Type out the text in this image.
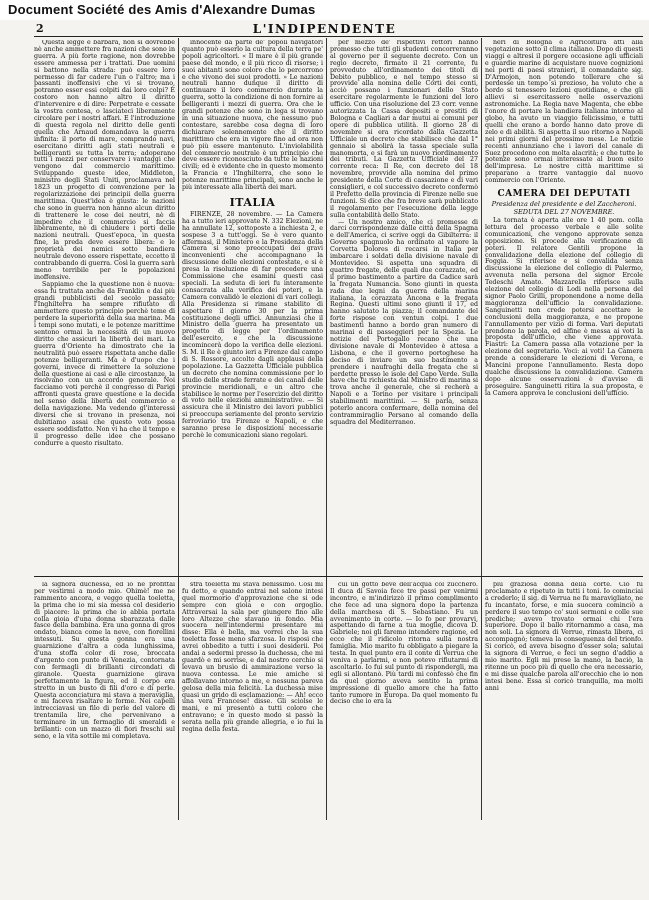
Document Société des Amis d'Alexandre Dumas
2	L'INDIPENDENTE

Questa legge è barbara, non si dovrebbe nè anche ammettere fra nazioni che sono in guerra. A più forte ragione, non dovrebbe essere ammessa per i trattati. Due uomini si battono nella strada: può essere loro permesso di far cadere l'un o l'altro; ma i passanti inoffensivi che vi si trovano, potranno esser essi colpiti dai loro colpi? È costoro non hanno altro il diritto d'intervenire e di dire: Perpetrate e cessate la vostra contesa, o lasciateci liberamente circolare per i nostri affari. E l'introduzione di questa regola nel diritto delle genti quella che Arnaud domandava la guerra infinita: il porto di mare, comprando navi, esercitano diritti agli stati neutrali e belligeranti su tutta la terra; adoperano tutti i mezzi per conservare i vantaggi che vengono dal commercio marittimo. Sviluppando queste idee, Middleton, ministro degli Stati Uniti, proclamava nel 1823 un progetto di convenzione per la regolarizzazione dei principii della guerra marittima. Quest'idea è giusta: le nazioni che sono in guerra non hanno alcun diritto di trattenere le cose dei neutri, nè di impedire che il commercio si faccia liberamente, nè di chiudere i porti delle nazioni neutrali. Quest'epoca, in questa fine, la preda deve essere libera: e le proprietà dei nemici sotto bandiera neutrale devono essere rispettate, eccetto il contrabbando di guerra. Così la guerra sarà meno terribile per le popolazioni inoffensive.

Sappiamo che la questione non è nuova: essa fu trattata anche da Franklin e dai più grandi pubblicisti del secolo passato; l'Inghilterra ha sempre rifiutato di ammettere questo principio perchè teme di perdere la superiorità della sua marina. Ma i tempi sono mutati, e le potenze marittime sentono ormai la necessità di un nuovo diritto che assicuri la libertà dei mari. La guerra d'Oriente ha dimostrato che la neutralità può essere rispettata anche dalle potenze belligeranti. Ma è d'uopo che i governi, invece di rimettere la soluzione della questione ai casi e alle circostanze, la risolvano con un accordo generale. Noi facciamo voti perchè il congresso di Parigi affronti questa grave questione e la decida nel senso della libertà del commercio e della navigazione. Ma vedendo gl'interessi diversi che si trovano in presenza, noi dubitiamo assai che questo voto possa essere soddisfatto. Non vi ha che il tempo e il progresso delle idee che possano condurre a questo risultato.

innocente da parte de' popoli navigatori quanto può esserlo la cultura della terra pe' popoli agricoltori. « Il mare è il più grande paese del mondo, e il più ricco di risorse; i suoi abitanti sono coloro che lo percorrono e che vivono dei suoi prodotti. » Le nazioni neutrali hanno dunque il diritto di continuare il loro commercio durante la guerra, sotto la condizione di non fornire ai belligeranti i mezzi di guerra. Ora che le grandi potenze che sono in lega si trovano in una situazione nuova, che nessuno può contestare, sarebbe cosa degna di loro dichiarare solennemente che il diritto marittimo che era in vigore fino ad ora non può più essere mantenuto. L'inviolabilità del commercio neutrale è un principio che deve essere riconosciuto da tutte le nazioni civili; ed è evidente che in questo momento la Francia e l'Inghilterra, che sono le potenze marittime principali, sono anche le più interessate alla libertà dei mari.

ITALIA

FIRENZE, 28 novembre. — La Camera ha a tutto ieri approvate N. 332 Elezioni, ne ha annullate 12, sottoposte a inchiesta 2, e sospese 3 a tutt'oggi. Se è vero quanto affermasi, il Ministero e la Presidenza della Camera si sono preoccupati dei gravi inconvenienti che accompagnano la discussione delle elezioni contestate, e si è presa la risoluzione di far precedere una Commissione che esamini questi casi speciali. La seduta di ieri fu interamente consacrata alla verifica dei poteri, e la Camera convalidò le elezioni di vari collegi. Alla Presidenza si rimane stabilito di aspettare il giorno 30 per la prima costituzione degli uffici. Annunziasi che il Ministro della guerra ha presentato un progetto di legge per l'ordinamento dell'esercito, e che la discussione incomincerà dopo la verifica delle elezioni. S. M. il Re è giunto ieri a Firenze dal campo di S. Rossore, accolto dagli applausi della popolazione. La Gazzetta Ufficiale pubblica un decreto che nomina commissione per lo studio delle strade ferrate e dei canali delle provincie meridionali, e un altro che stabilisce le norme per l'esercizio del diritto di voto nelle elezioni amministrative. — Si assicura che il Ministro dei lavori pubblici si preoccupa seriamente del pronto servizio ferroviario tra Firenze e Napoli, e che saranno prese le disposizioni necessarie perchè le comunicazioni siano regolari.

per mezzo de' rispettivi rettori hanno promesso che tutti gli studenti concorreranno al governo per il seguente decreto. Con un regio decreto, firmato il 21 corrente, fu provveduto all'ordinamento dei titoli di Debito pubblico, e nel tempo stesso si provvide alla nomina delle Corti dei conti, acciò possano i funzionari dello Stato esercitare regolarmente le funzioni del loro ufficio. Con una risoluzione del 23 corr. venne autorizzata la Cassa depositi e prestiti di Bologna e Cagliari a dar mutui ai comuni per opere di pubblica utilità. Il giorno 28 di novembre si era ricordato dalla Gazzetta Ufficiale un decreto che stabilisce che dal 1° gennaio si abolirà la tassa speciale sulla manomorta, e si farà un nuovo riordinamento dei tributi. La Gazzetta Ufficiale del 27 corrente reca: Il Re, con decreto del 18 novembre, provvide alla nomina del primo presidente della Corte di cassazione e di vari consiglieri, e col successivo decreto confermò il Prefetto della provincia di Firenze nelle sue funzioni. Si dice che fra breve sarà pubblicato il regolamento per l'esecuzione della legge sulla contabilità dello Stato.

— Un nostro amico, che ci promesse di darci corrispondenze dalle città della Spagna e dell'America, ci scrive oggi da Gibilterra: il Governo spagnuolo ha ordinato al vapore la Corvetta Dolores di recarsi in Italia per imbarcare i soldati della divisione navale di Montevideo. Si aspetta una squadra di quattro fregate, delle quali due corazzate, ed il primo bastimento a partire da Cadice sarà la fregata Numancia. Sono giunti in questa rada due legni da guerra della marina italiana, la corazzata Ancona e la fregata Regina. Questi ultimi sono giunti il 17, ed hanno salutato la piazza; il comandante del forte rispose con ventun colpi. I due bastimenti hanno a bordo gran numero di marinai e di passeggieri per la Spezia. Le notizie del Portogallo recano che una divisione navale di Montevideo è attesa a Lisbona, e che il governo portoghese ha deciso di inviare un suo bastimento a prendere i naufraghi della fregata che si perdette presso le isole del Capo Verde. Sulla nave che fu richiesta dal Ministro di marina si trova anche il generale, che si recherà a Napoli e a Torino per visitare i principali stabilimenti marittimi. — Si parla, senza poterlo ancora confermare, della nomina del contrammiraglio Persano al comando della squadra del Mediterraneo.

neri di Bologna e Agricoltura atti alla vegetazione sotto il clima italiano. Dopo di questi viaggi e altresì il porgere occasione agli ufficiali e guardie marine di acquistare nuove cognizioni nei porti di paesi stranieri, il comandante sig. D'Armojon, non potendo tollerare che si perdesse un tempo sì prezioso, ha voluto che a bordo si tenessero lezioni quotidiane, e che gli allievi si esercitassero nelle osservazioni astronomiche. La Regia nave Magenta, che ebbe l'onore di portare la bandiera italiana intorno al globo, ha avuto un viaggio felicissimo, e tutti quelli che erano a bordo hanno dato prove di zelo e di abilità. Si aspetta il suo ritorno a Napoli nei primi giorni del prossimo mese. Le notizie recenti annunziano che i lavori del canale di Suez procedono con molta alacrità; e che tutte le potenze sono ormai interessate al buon esito dell'impresa. Le nostre città marittime si preparano a trarre vantaggio dal nuovo commercio con l'Oriente.

CAMERA DEI DEPUTATI
Presidenza del presidente e del Zaccheroni. SEDUTA DEL 27 NOVEMBRE.

La tornata è aperta alle ore 1 40 pom. colla lettura del processo verbale e alle solite comunicazioni, che vengono approvate senza opposizione. Si procede alla verificazione di poteri. Il relatore Gentili propone la convalidazione della elezione del collegio di Foggia. Si riferisce e si convalida senza discussione la elezione del collegio di Palermo, avvenuta nella persona del signor Ercole Tedeschi Amato. Mazzarella riferisce sulla elezione del collegio di Lodi nella persona del signor Paolo Grilli, proponendone a nome della maggioranza dell'ufficio la convalidazione. Sanguinetti non crede potersi accettare le conclusioni della maggioranza, e ne propone l'annullamento per vizio di forma. Vari deputati prendono la parola, ed alfine è messa ai voti la proposta dell'ufficio, che viene approvata. Fiastri: La Camera passa alla votazione per la elezione del segretario. Voci: ai voti! La Camera prende a considerare le elezioni di Verona, e Mancini propone l'annullamento. Resta dopo qualche discussione la convalidazione. Camera dopo alcune osservazioni è d'avviso di proseguire. Sanguinetti ritira la sua proposta, e la Camera approva le conclusioni dell'ufficio.

la signora duchessa, ed io ne profittai per vestirmi a modo mio. Ohimè! me ne rammento ancora, e veggo quella toeletta, la prima che io mi sia messa col desiderio di piacere: la prima che io abbia portata colla gioia d'una donna sbarazzata dalle fasce della bambina. Era una gonna di gros ondato, bianca come la neve, con fiorellini intessuti. Su questa gonna era una guarnizione d'altra a coda lunghissima, d'una stoffa color di rose, broccata d'argento con punte di Venezia, contornata con fermagli di brillanti circondati di giranole. Questa guarnizione girava perfettamente la figura, ed il corpo era stretto in un busto di fili d'oro e di perle. Questa acconciatura mi stava a meraviglia, e mi faceva risaltare le forme. Nei capelli intrecciavasi un filo di perle del valore di trentamila lire, che pervenivano a terminare in un fermaglio di smeraldi e brillanti: con un mazzo di fiori freschi sul seno, e la vita sottile mi completava.

stra toeletta mi stava benissimo. Così mi fu detto, e quando entrai nel salone intesi quel mormorio d'approvazione che si ode sempre con gioia e con orgoglio. Attraversai la sala per giungere fino alle loro Altezze che stavano in fondo. Mia suocera nell'intendermi presentare mi disse: Ella è bella, ma vorrei che la sua toeletta fosse meno sfarzosa. Io risposi che avrei obbedito a tutti i suoi desiderii. Poi andai a sedermi presso la duchessa, che mi guardò e mi sorrise, e dal nostro cerchio si levava un brusìo di ammirazione verso la nuova contessa. Le mie amiche si affollavano intorno a me, e nessuna pareva gelosa della mia felicità. La duchessa mise quasi un grido di esclamazione: — Ah! ecco una vera Francese! disse. Gli sciolse le mani, e mi presentò a tutti coloro che entravano; e in questo modo si passò la serata nella più grande allegria, e io fui la regina della festa.

cui un gotto beve dell'acqua col zucchero. Il duca di Savoia fece tre passi per venirmi incontro, e m'indirizzò il primo complimento che fece ad una signora dopo la partenza della marchesa di S. Sebastiano. Fu un avvenimento in corte. — Io fo per provarvi, aspettando di farne a tua moglie, dicova D. Gabriele; noi gli faremo intendere ragione, ed ecco che il ridicolo ritorna sulla nostra famiglia. Mio marito fu obbligato a piegare la testa. In quel punto era il conte di Verrua che veniva a parlarmi, e non potevo rifiutarmi di ascoltarlo. Io fui sul punto di rispondergli, ma egli si allontanò. Più tardi mi confessò che fin da quel giorno aveva sentito la prima impressione di quello amore che ha fatto tanto rumore in Europa. Da quel momento fu deciso che io era la

più graziosa donna della corte. Ciò fu proclamato e ripetuto in tutti i toni. Io cominciai a crederlo; il sig. di Verrua ne fu maravigliato, ne fu incantato, forse, e mia suocera cominciò a perdere il suo tempo co' suoi sermoni e colle sue prediche; avevo trovato ormai chi l'era superiore. Dopo il ballo ritornammo a casa, ma non soli. La signora di Verrue, rimasta libera, ci accompagnò; temeva la conseguenza del trionfo. Si coricò, ed aveva bisogno d'esser sola; salutai la signora di Verrue, e feci un segno d'addio a mio marito. Egli mi prese la mano, la baciò, la ritenne un poco più di quello che era necessario, e mi disse qualche parola all'orecchio che io non intesi bene. Essa si coricò tranquilla, ma molti anni
